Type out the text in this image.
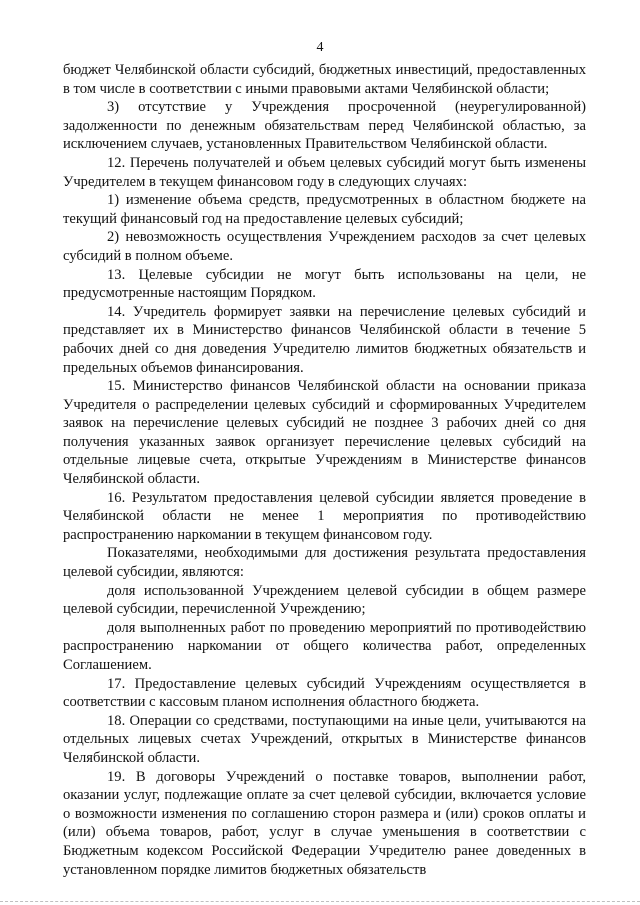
4

бюджет Челябинской области субсидий, бюджетных инвестиций, предоставленных в том числе в соответствии с иными правовыми актами Челябинской области;

3) отсутствие у Учреждения просроченной (неурегулированной) задолженности по денежным обязательствам перед Челябинской областью, за исключением случаев, установленных Правительством Челябинской области.

12. Перечень получателей и объем целевых субсидий могут быть изменены Учредителем в текущем финансовом году в следующих случаях:

1) изменение объема средств, предусмотренных в областном бюджете на текущий финансовый год на предоставление целевых субсидий;

2) невозможность осуществления Учреждением расходов за счет целевых субсидий в полном объеме.

13. Целевые субсидии не могут быть использованы на цели, не предусмотренные настоящим Порядком.

14. Учредитель формирует заявки на перечисление целевых субсидий и представляет их в Министерство финансов Челябинской области в течение 5 рабочих дней со дня доведения Учредителю лимитов бюджетных обязательств и предельных объемов финансирования.

15. Министерство финансов Челябинской области на основании приказа Учредителя о распределении целевых субсидий и сформированных Учредителем заявок на перечисление целевых субсидий не позднее 3 рабочих дней со дня получения указанных заявок организует перечисление целевых субсидий на отдельные лицевые счета, открытые Учреждениям в Министерстве финансов Челябинской области.

16. Результатом предоставления целевой субсидии является проведение в Челябинской области не менее 1 мероприятия по противодействию распространению наркомании в текущем финансовом году.

Показателями, необходимыми для достижения результата предоставления целевой субсидии, являются:

доля использованной Учреждением целевой субсидии в общем размере целевой субсидии, перечисленной Учреждению;

доля выполненных работ по проведению мероприятий по противодействию распространению наркомании от общего количества работ, определенных Соглашением.

17. Предоставление целевых субсидий Учреждениям осуществляется в соответствии с кассовым планом исполнения областного бюджета.

18. Операции со средствами, поступающими на иные цели, учитываются на отдельных лицевых счетах Учреждений, открытых в Министерстве финансов Челябинской области.

19. В договоры Учреждений о поставке товаров, выполнении работ, оказании услуг, подлежащие оплате за счет целевой субсидии, включается условие о возможности изменения по соглашению сторон размера и (или) сроков оплаты и (или) объема товаров, работ, услуг в случае уменьшения в соответствии с Бюджетным кодексом Российской Федерации Учредителю ранее доведенных в установленном порядке лимитов бюджетных обязательств
